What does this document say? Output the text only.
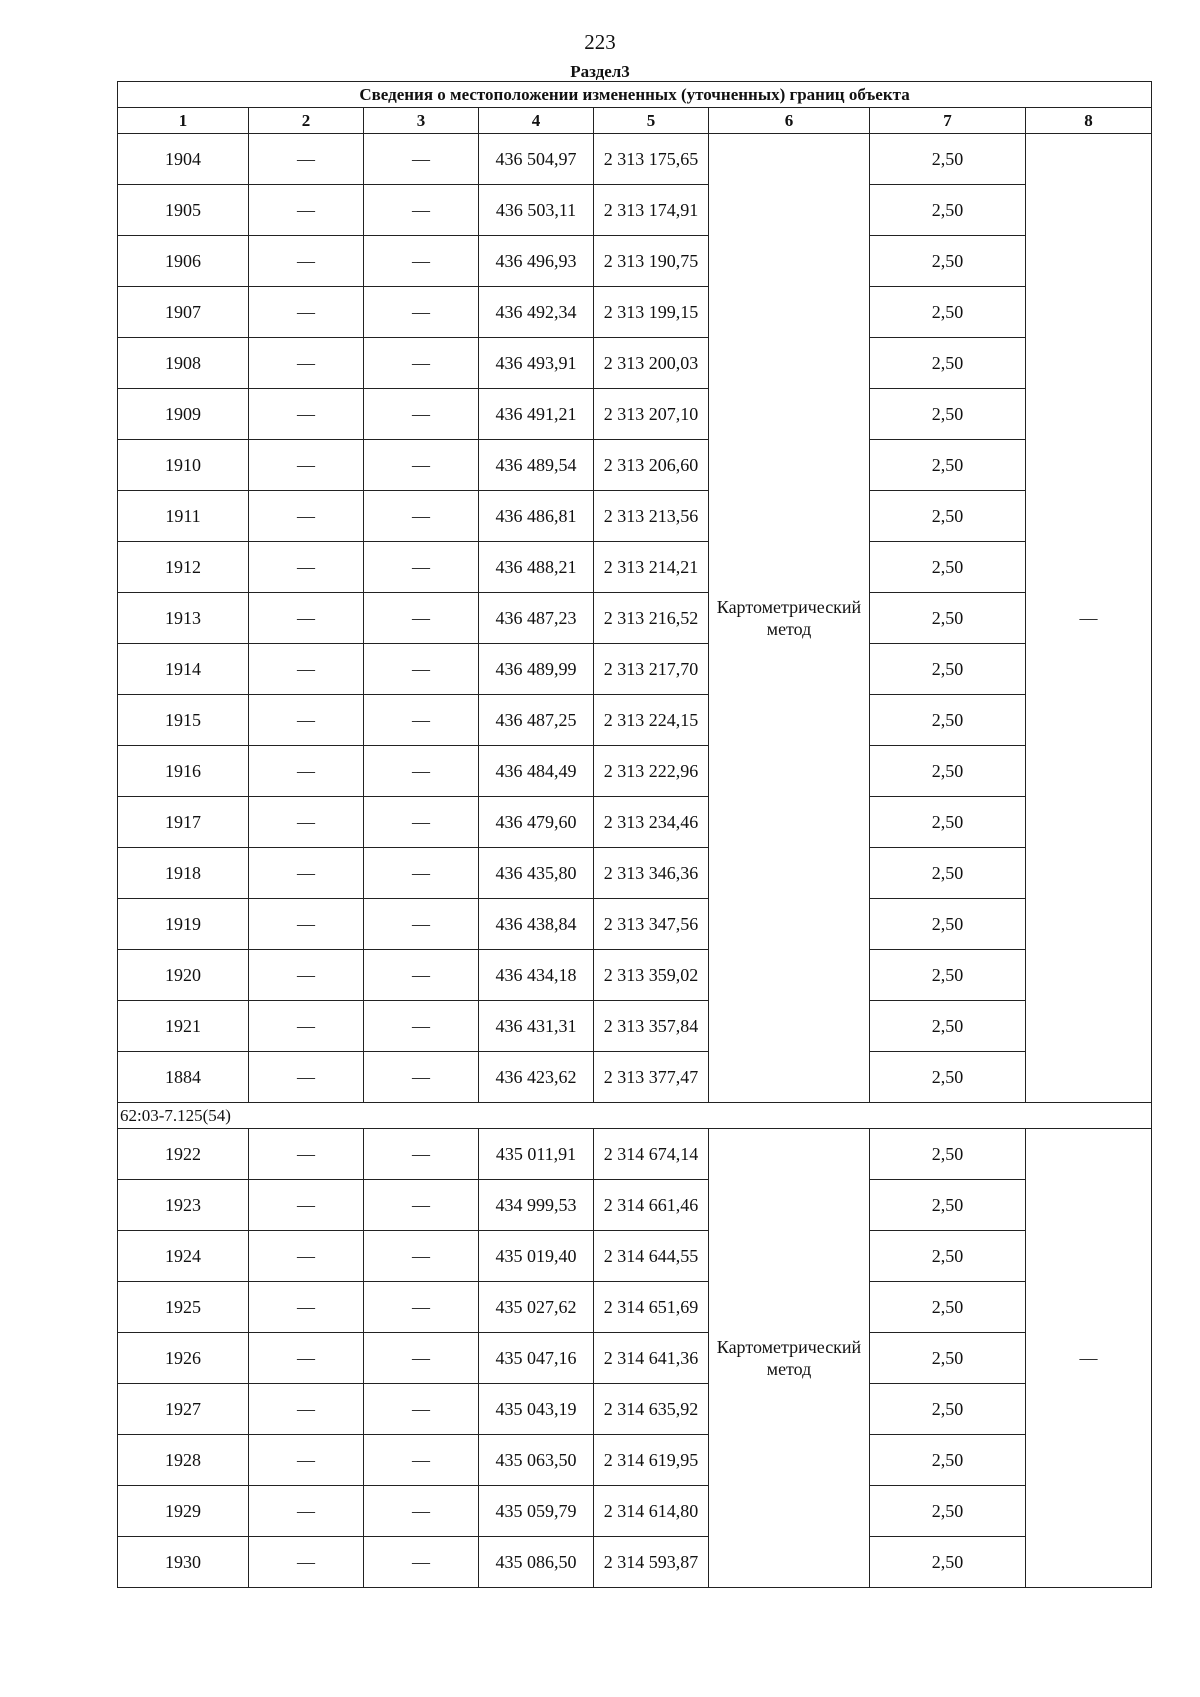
223
Раздел3
Сведения о местоположении измененных (уточненных) границ объекта							
1	2	3	4	5	6	7	8
1904	—	—	436 504,97	2 313 175,65	Картометрический метод	2,50	—
1905	—	—	436 503,11	2 313 174,91		2,50	
1906	—	—	436 496,93	2 313 190,75		2,50	
1907	—	—	436 492,34	2 313 199,15		2,50	
1908	—	—	436 493,91	2 313 200,03		2,50	
1909	—	—	436 491,21	2 313 207,10		2,50	
1910	—	—	436 489,54	2 313 206,60		2,50	
1911	—	—	436 486,81	2 313 213,56		2,50	
1912	—	—	436 488,21	2 313 214,21		2,50	
1913	—	—	436 487,23	2 313 216,52		2,50	
1914	—	—	436 489,99	2 313 217,70		2,50	
1915	—	—	436 487,25	2 313 224,15		2,50	
1916	—	—	436 484,49	2 313 222,96		2,50	
1917	—	—	436 479,60	2 313 234,46		2,50	
1918	—	—	436 435,80	2 313 346,36		2,50	
1919	—	—	436 438,84	2 313 347,56		2,50	
1920	—	—	436 434,18	2 313 359,02		2,50	
1921	—	—	436 431,31	2 313 357,84		2,50	
1884	—	—	436 423,62	2 313 377,47		2,50	
62:03-7.125(54)							
1922	—	—	435 011,91	2 314 674,14	Картометрический метод	2,50	—
1923	—	—	434 999,53	2 314 661,46		2,50	
1924	—	—	435 019,40	2 314 644,55		2,50	
1925	—	—	435 027,62	2 314 651,69		2,50	
1926	—	—	435 047,16	2 314 641,36		2,50	
1927	—	—	435 043,19	2 314 635,92		2,50	
1928	—	—	435 063,50	2 314 619,95		2,50	
1929	—	—	435 059,79	2 314 614,80		2,50	
1930	—	—	435 086,50	2 314 593,87		2,50	
